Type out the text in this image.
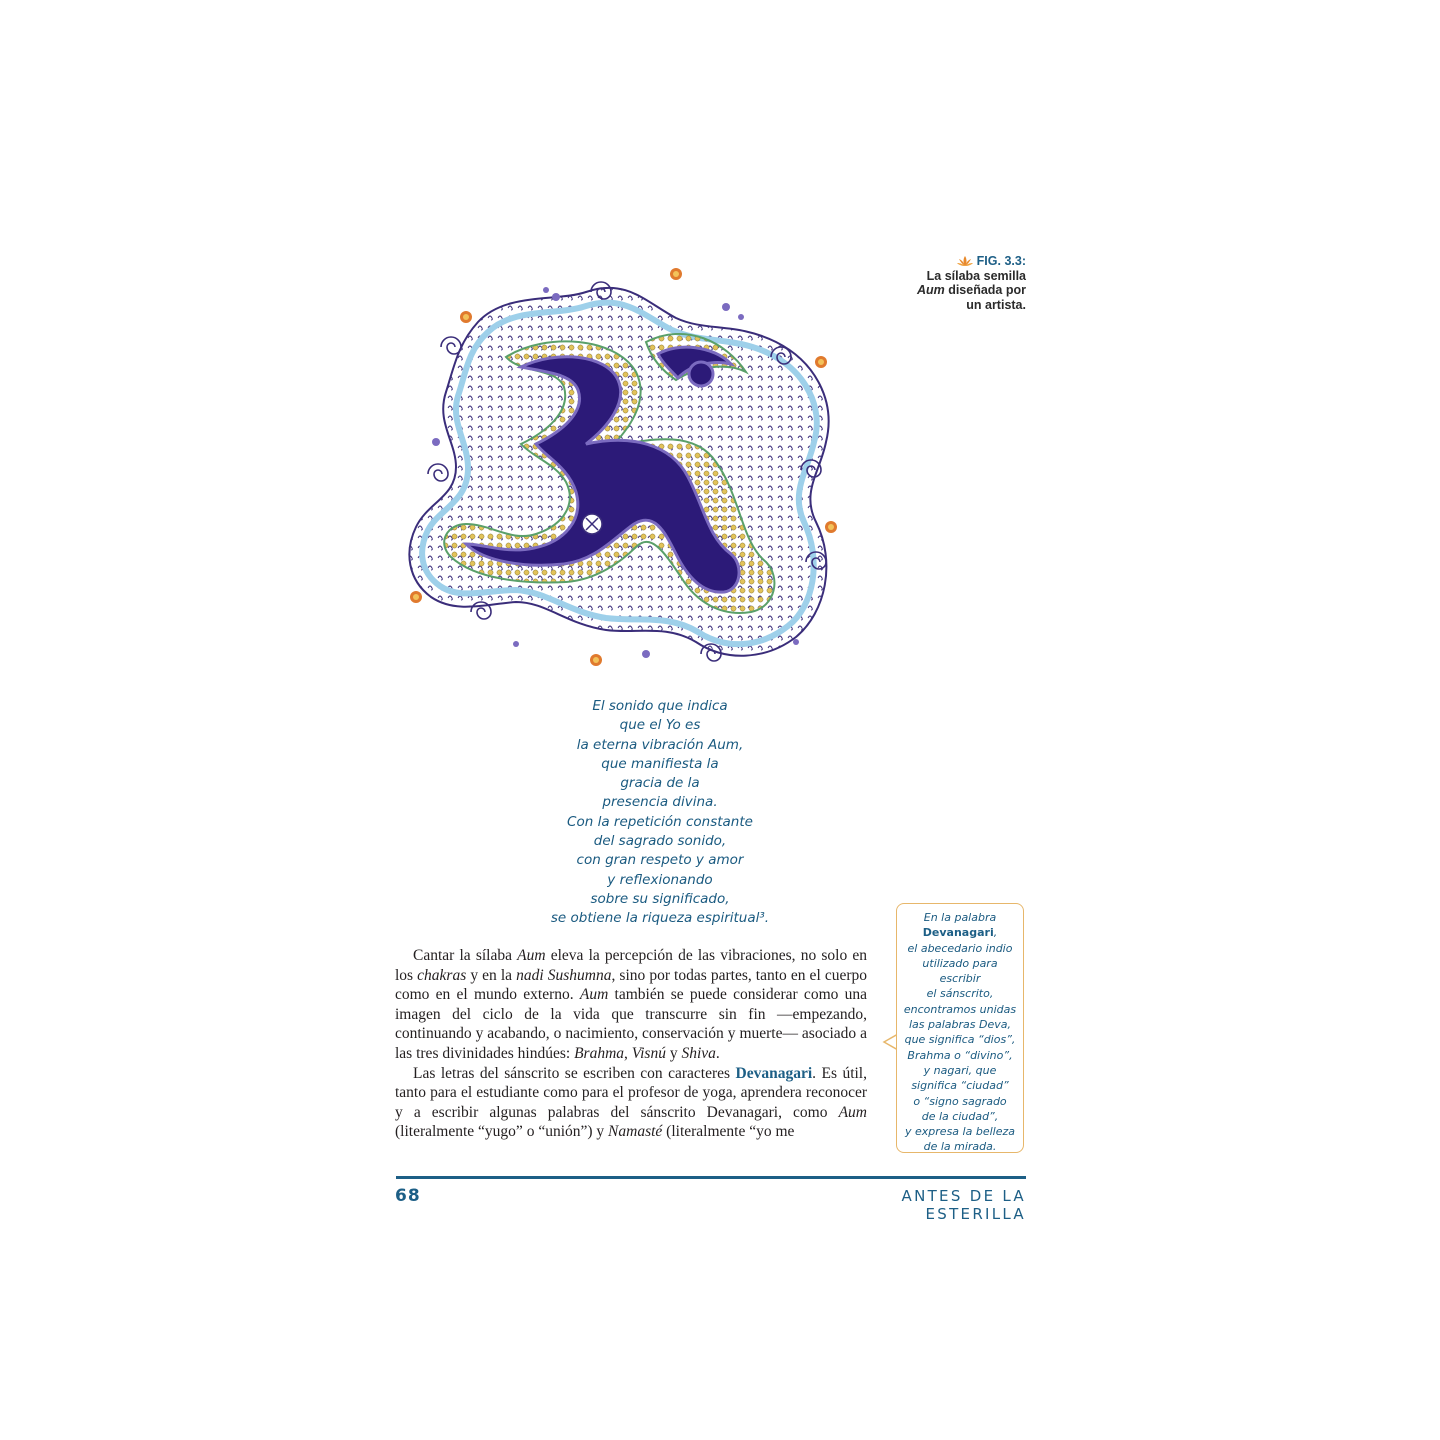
FIG. 3.3:
La sílaba semilla
Aum diseñada por
un artista.
El sonido que indica
que el Yo es
la eterna vibración Aum,
que manifiesta la
gracia de la
presencia divina.
Con la repetición constante
del sagrado sonido,
con gran respeto y amor
y reflexionando
sobre su significado,
se obtiene la riqueza espiritual³.

Cantar la sílaba Aum eleva la percepción de las vibraciones, no solo en los chakras y en la nadi Sushumna, sino por todas partes, tanto en el cuerpo como en el mundo externo. Aum también se puede considerar como una imagen del ciclo de la vida que transcurre sin fin —empezando, continuando y acabando, o nacimiento, conservación y muerte— asociado a las tres divinidades hindúes: Brahma, Visnú y Shiva.

Las letras del sánscrito se escriben con caracteres Devanagari. Es útil, tanto para el estudiante como para el profesor de yoga, aprendera reconocer y a escribir algunas palabras del sánscrito Devanagari, como Aum (literalmente “yugo” o “unión”) y Namasté (literalmente “yo me

En la palabra
Devanagari,
el abecedario indio
utilizado para escribir
el sánscrito,
encontramos unidas
las palabras Deva,
que significa “dios”,
Brahma o “divino”,
y nagari, que
significa “ciudad”
o “signo sagrado
de la ciudad”,
y expresa la belleza
de la mirada.
68	ANTES DE LA ESTERILLA
